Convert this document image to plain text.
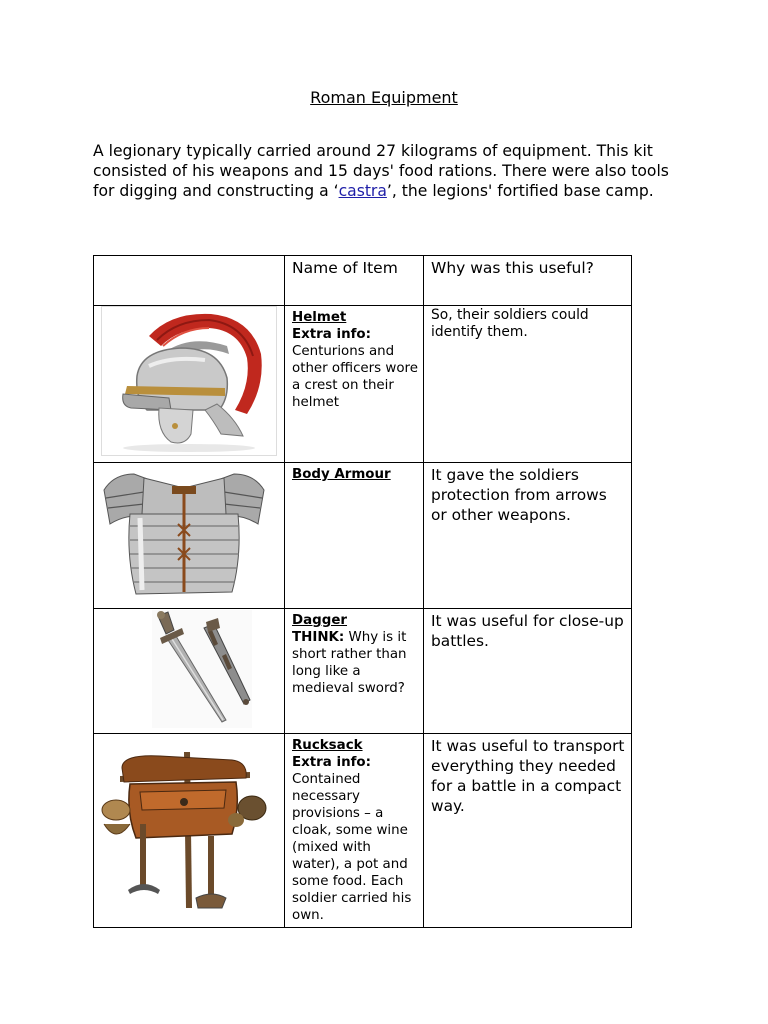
Roman Equipment
A legionary typically carried around 27 kilograms of equipment. This kit consisted of his weapons and 15 days' food rations. There were also tools for digging and constructing a ‘castra’, the legions' fortified base camp.
	Name of Item	Why was this useful?

Helmet
Extra info: Centurions and other officers wore a crest on their helmet	So, their soldiers could identify them.

Body Armour	It gave the soldiers protection from arrows or other weapons.

Dagger
THINK: Why is it short rather than long like a medieval sword?	It was useful for close-up battles.

Rucksack
Extra info: Contained necessary provisions – a cloak, some wine (mixed with water), a pot and some food. Each soldier carried his own.	It was useful to transport everything they needed for a battle in a compact way.
